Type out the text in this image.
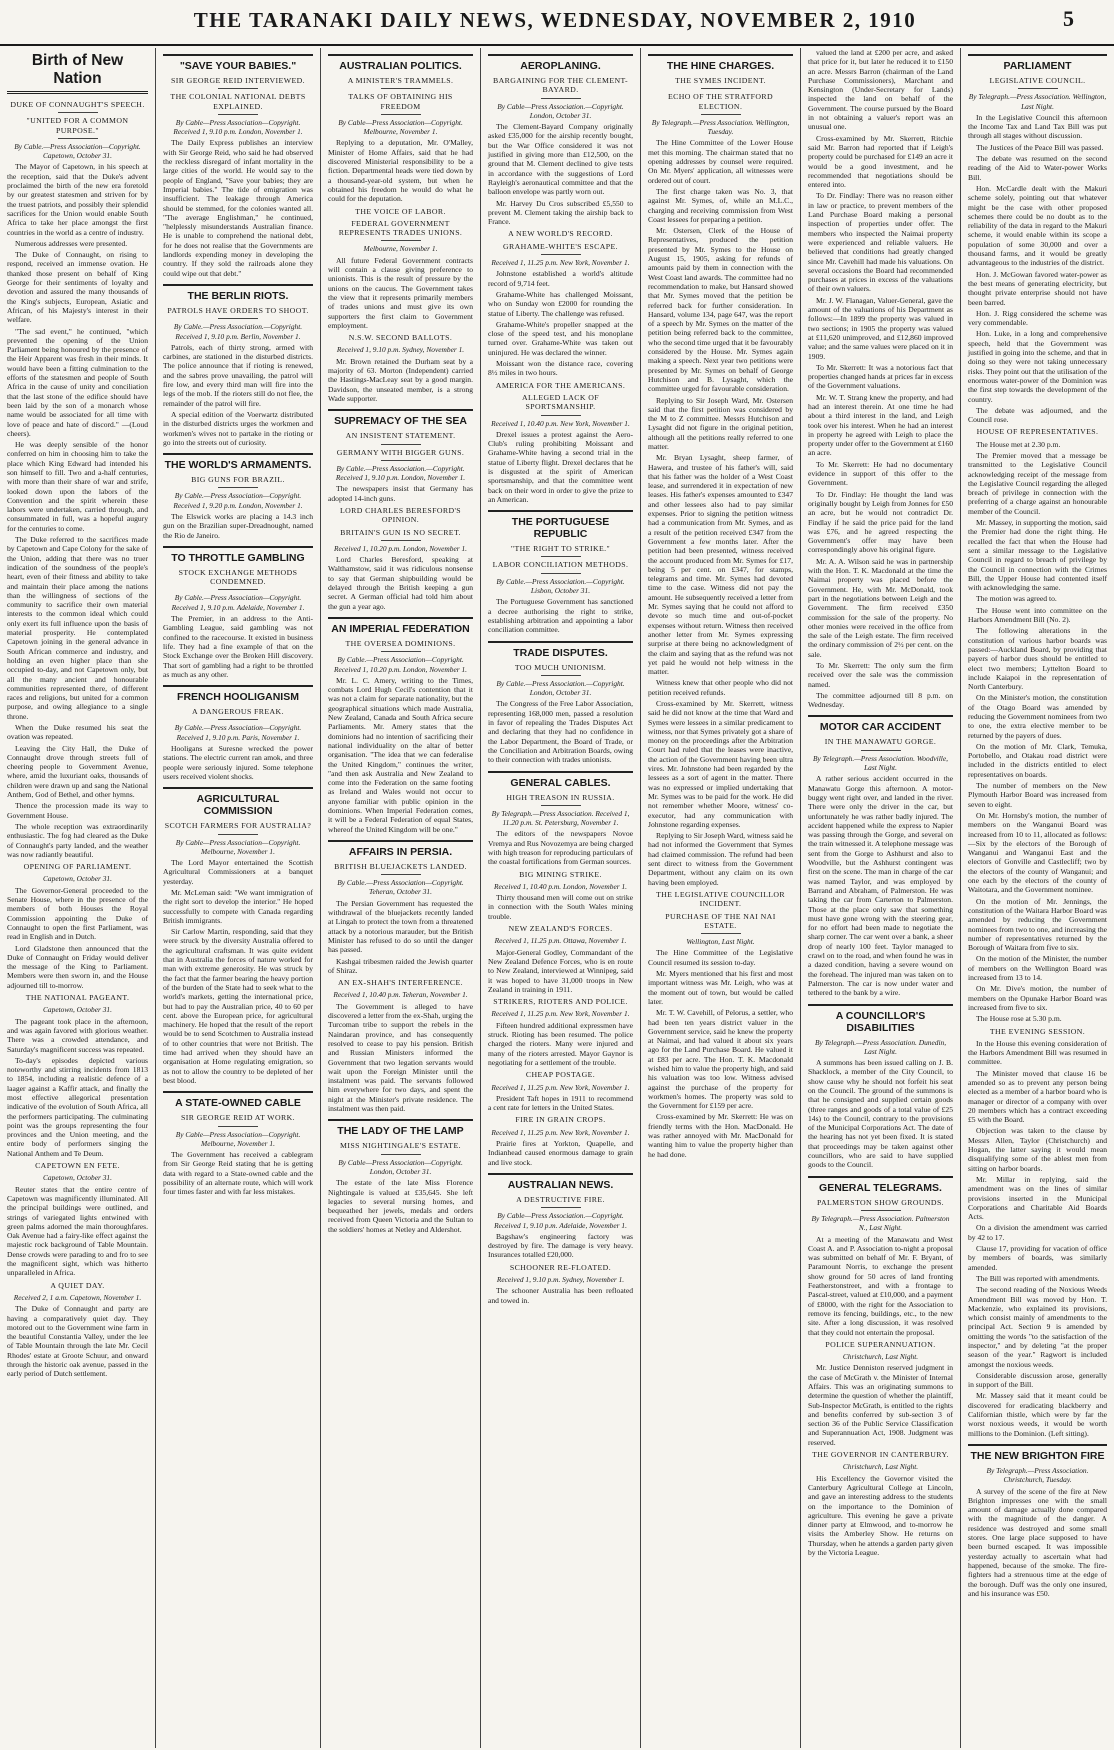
THE TARANAKI DAILY NEWS, WEDNESDAY, NOVEMBER 2, 1910	5
Birth of New Nation
DUKE OF CONNAUGHT'S SPEECH.
"UNITED FOR A COMMON PURPOSE."
By Cable.—Press Association—Copyright. Capetown, October 31.

The Mayor of Capetown, in his speech at the reception, said that the Duke's advent proclaimed the birth of the new era foretold by our greatest statesmen and striven for by the truest patriots, and possibly their splendid sacrifices for the Union would enable South Africa to take her place amongst the first countries in the world as a centre of industry.

Numerous addresses were presented.

The Duke of Connaught, on rising to respond, received an immense ovation. He thanked those present on behalf of King George for their sentiments of loyalty and devotion and assured the many thousands of the King's subjects, European, Asiatic and African, of his Majesty's interest in their welfare.

"The sad event," he continued, "which prevented the opening of the Union Parliament being honoured by the presence of the Heir Apparent was fresh in their minds. It would have been a fitting culmination to the efforts of the statesmen and people of South Africa in the cause of unity and conciliation that the last stone of the edifice should have been laid by the son of a monarch whose name would be associated for all time with love of peace and hate of discord." —(Loud cheers).

He was deeply sensible of the honor conferred on him in choosing him to take the place which King Edward had intended his son himself to fill. Two and a-half centuries, with more than their share of war and strife, looked down upon the labors of the Convention and the spirit wherein these labors were undertaken, carried through, and consummated in full, was a hopeful augury for the centuries to come.

The Duke referred to the sacrifices made by Capetown and Cape Colony for the sake of the Union, adding that there was no truer indication of the soundness of the people's heart, even of their fitness and ability to take and maintain their place among the nations than the willingness of sections of the community to sacrifice their own material interests to the common ideal which could only exert its full influence upon the basis of material prosperity. He contemplated Capetown joining in the general advance in South African commerce and industry, and holding an even higher place than she occupied to-day, and not Capetown only, but all the many ancient and honourable communities represented there, of different races and religions, but united for a common purpose, and owing allegiance to a single throne.

When the Duke resumed his seat the ovation was repeated.

Leaving the City Hall, the Duke of Connaught drove through streets full of cheering people to Government Avenue, where, amid the luxuriant oaks, thousands of children were drawn up and sang the National Anthem, God of Bethel, and other hymns.

Thence the procession made its way to Government House.

The whole reception was extraordinarily enthusiastic. The fog had cleared as the Duke of Connaught's party landed, and the weather was now radiantly beautiful.

OPENING OF PARLIAMENT.
Capetown, October 31.

The Governor-General proceeded to the Senate House, where in the presence of the members of both Houses the Royal Commission appointing the Duke of Connaught to open the first Parliament, was read in English and in Dutch.

Lord Gladstone then announced that the Duke of Connaught on Friday would deliver the message of the King to Parliament. Members were then sworn in, and the House adjourned till to-morrow.

THE NATIONAL PAGEANT.
Capetown, October 31.

The pageant took place in the afternoon, and was again favored with glorious weather. There was a crowded attendance, and Saturday's magnificent success was repeated.

To-day's episodes depicted various noteworthy and stirring incidents from 1813 to 1854, including a realistic defence of a laager against a Kaffir attack, and finally the most effective allegorical presentation indicative of the evolution of South Africa, all the performers participating. The culminating point was the groups representing the four provinces and the Union meeting, and the entire body of performers singing the National Anthem and Te Deum.

CAPETOWN EN FETE.
Capetown, October 31.

Reuter states that the entire centre of Capetown was magnificently illuminated. All the principal buildings were outlined, and strings of variegated lights entwined with green palms adorned the main thoroughfares. Oak Avenue had a fairy-like effect against the majestic rock background of Table Mountain. Dense crowds were parading to and fro to see the magnificent sight, which was hitherto unparalleled in Africa.

A QUIET DAY.
Received 2, 1 a.m. Capetown, November 1.

The Duke of Connaught and party are having a comparatively quiet day. They motored out to the Government wine farm in the beautiful Constantia Valley, under the lee of Table Mountain through the late Mr. Cecil Rhodes' estate at Groote Schuur, and onward through the historic oak avenue, passed in the early period of Dutch settlement.

"SAVE YOUR BABIES."
SIR GEORGE REID INTERVIEWED.
THE COLONIAL NATIONAL DEBTS EXPLAINED.
By Cable—Press Association—Copyright. Received 1, 9.10 p.m. London, November 1.

The Daily Express publishes an interview with Sir George Reid, who said he had observed the reckless disregard of infant mortality in the large cities of the world. He would say to the people of England, "Save your babies; they are Imperial babies." The tide of emigration was insufficient. The leakage through America should be stemmed, for the colonies wanted all. "The average Englishman," he continued, "helplessly misunderstands Australian finance. He is unable to comprehend the national debt, for he does not realise that the Governments are landlords expending money in developing the country. If they sold the railroads alone they could wipe out that debt."

THE BERLIN RIOTS.
PATROLS HAVE ORDERS TO SHOOT.
By Cable.—Press Association.—Copyright. Received 1, 9.10 p.m. Berlin, November 1.

Patrols, each of thirty strong, armed with carbines, are stationed in the disturbed districts. The police announce that if rioting is renewed, and the sabres prove unavailing, the patrol will fire low, and every third man will fire into the legs of the mob. If the rioters still do not flee, the remainder of the patrol will fire.

A special edition of the Voerwartz distributed in the disturbed districts urges the workmen and workmen's wives not to partake in the rioting or go into the streets out of curiosity.

THE WORLD'S ARMAMENTS.
BIG GUNS FOR BRAZIL.
By Cable.—Press Association—Copyright. Received 1, 9.20 p.m. London, November 1.

The Elswick works are placing a 14.3 inch gun on the Brazilian super-Dreadnought, named the Rio de Janeiro.

TO THROTTLE GAMBLING
STOCK EXCHANGE METHODS CONDEMNED.
By Cable.—Press Association—Copyright. Received 1, 9.10 p.m. Adelaide, November 1.

The Premier, in an address to the Anti-Gambling League, said gambling was not confined to the racecourse. It existed in business life. They had a fine example of that on the Stock Exchange over the Broken Hill discovery. That sort of gambling had a right to be throttled as much as any other.

FRENCH HOOLIGANISM
A DANGEROUS FREAK.
By Cable.—Press Association—Copyright. Received 1, 9.10 p.m. Paris, November 1.

Hooligans at Suresne wrecked the power stations. The electric current ran amok, and three people were seriously injured. Some telephone users received violent shocks.

AGRICULTURAL COMMISSION
SCOTCH FARMERS FOR AUSTRALIA?
By Cable—Press Association—Copyright. Melbourne, November 1.

The Lord Mayor entertained the Scottish Agricultural Commissioners at a banquet yesterday.

Mr. McLeman said: "We want immigration of the right sort to develop the interior." He hoped successfully to compete with Canada regarding British immigrants.

Sir Carlow Martin, responding, said that they were struck by the diversity Australia offered to the agricultural craftsman. It was quite evident that in Australia the forces of nature worked for man with extreme generosity. He was struck by the fact that the farmer bearing the heavy portion of the burden of the State had to seek what to the world's markets, getting the international price, but had to pay the Australian price, 40 to 60 per cent. above the European price, for agricultural machinery. He hoped that the result of the report would be to send Scotchmen to Australia instead of to other countries that were not British. The time had arrived when they should have an organisation at Home regulating emigration, so as not to allow the country to be depleted of her best blood.

A STATE-OWNED CABLE
SIR GEORGE REID AT WORK.
By Cable—Press Association—Copyright. Melbourne, November 1.

The Government has received a cablegram from Sir George Reid stating that he is getting data with regard to a State-owned cable and the possibility of an alternate route, which will work four times faster and with far less mistakes.

AUSTRALIAN POLITICS.
A MINISTER'S TRAMMELS.
TALKS OF OBTAINING HIS FREEDOM
By Cable—Press Association—Copyright. Melbourne, November 1.

Replying to a deputation, Mr. O'Malley, Minister of Home Affairs, said that he had discovered Ministerial responsibility to be a fiction. Departmental heads were tied down by a thousand-year-old system, but when he obtained his freedom he would do what he could for the deputation.

THE VOICE OF LABOR.
FEDERAL GOVERNMENT REPRESENTS TRADES UNIONS.
Melbourne, November 1.

All future Federal Government contracts will contain a clause giving preference to unionists. This is the result of pressure by the unions on the caucus. The Government takes the view that it represents primarily members of trades unions and must give its own supporters the first claim to Government employment.

N.S.W. SECOND BALLOTS.
Received 1, 9.10 p.m. Sydney, November 1.

Mr. Brown retained the Durham seat by a majority of 63. Morton (Independent) carried the Hastings-MacLeay seat by a good margin. Davidson, the unseated member, is a strong Wade supporter.

SUPREMACY OF THE SEA
AN INSISTENT STATEMENT.
GERMANY WITH BIGGER GUNS.
By Cable.—Press Association.—Copyright. Received 1, 9.10 p.m. London, November 1.

The newspapers insist that Germany has adopted 14-inch guns.

LORD CHARLES BERESFORD'S OPINION.
BRITAIN'S GUN IS NO SECRET.
Received 1, 10.20 p.m. London, November 1.

Lord Charles Beresford, speaking at Walthamstow, said it was ridiculous nonsense to say that German shipbuilding would be delayed through the British keeping a gun secret. A German official had told him about the gun a year ago.

AN IMPERIAL FEDERATION
THE OVERSEA DOMINIONS.
By Cable.—Press Association—Copyright. Received 1, 10.20 p.m. London, November 1.

Mr. L. C. Amery, writing to the Times, combats Lord Hugh Cecil's contention that it was not a claim for separate nationality, but the geographical situations which made Australia, New Zealand, Canada and South Africa secure Parliaments. Mr. Amery states that the dominions had no intention of sacrificing their national individuality on the altar of better organisation. "The idea that we can federalise the United Kingdom," continues the writer, "and then ask Australia and New Zealand to come into the Federation on the same footing as Ireland and Wales would not occur to anyone familiar with public opinion in the dominions. When Imperial Federation comes, it will be a Federal Federation of equal States, whereof the United Kingdom will be one."

AFFAIRS IN PERSIA.
BRITISH BLUEJACKETS LANDED.
By Cable.—Press Association—Copyright. Teheran, October 31.

The Persian Government has requested the withdrawal of the bluejackets recently landed at Lingah to protect the town from a threatened attack by a notorious marauder, but the British Minister has refused to do so until the danger has passed.

Kashgai tribesmen raided the Jewish quarter of Shiraz.

AN EX-SHAH'S INTERFERENCE.
Received 1, 10.40 p.m. Teheran, November 1.

The Government is alleged to have discovered a letter from the ex-Shah, urging the Turcoman tribe to support the rebels in the Naindaran province, and has consequently resolved to cease to pay his pension. British and Russian Ministers informed the Government that two legation servants would wait upon the Foreign Minister until the instalment was paid. The servants followed him everywhere for two days, and spent the night at the Minister's private residence. The instalment was then paid.

THE LADY OF THE LAMP
MISS NIGHTINGALE'S ESTATE.
By Cable—Press Association—Copyright. London, October 31.

The estate of the late Miss Florence Nightingale is valued at £35,645. She left legacies to several nursing homes, and bequeathed her jewels, medals and orders received from Queen Victoria and the Sultan to the soldiers' homes at Netley and Aldershot.

AEROPLANING.
BARGAINING FOR THE CLEMENT-BAYARD.
By Cable—Press Association.—Copyright. London, October 31.

The Clement-Bayard Company originally asked £35,000 for the airship recently bought, but the War Office considered it was not justified in giving more than £12,500, on the ground that M. Clement declined to give tests in accordance with the suggestions of Lord Rayleigh's aeronautical committee and that the balloon envelope was partly worn out.

Mr. Harvey Du Cros subscribed £5,550 to prevent M. Clement taking the airship back to France.

A NEW WORLD'S RECORD.
GRAHAME-WHITE'S ESCAPE.
Received 1, 11.25 p.m. New York, November 1.

Johnstone established a world's altitude record of 9,714 feet.

Grahame-White has challenged Moissant, who on Sunday won £2000 for rounding the statue of Liberty. The challenge was refused.

Grahame-White's propeller snapped at the close of the speed test, and his monoplane turned over. Grahame-White was taken out uninjured. He was declared the winner.

Moissant won the distance race, covering 8½ miles in two hours.

AMERICA FOR THE AMERICANS.
ALLEGED LACK OF SPORTSMANSHIP.
Received 1, 10.40 p.m. New York, November 1.

Drexel issues a protest against the Aero-Club's ruling prohibiting Moissant and Grahame-White having a second trial in the statue of Liberty flight. Drexel declares that he is disgusted at the spirit of American sportsmanship, and that the committee went back on their word in order to give the prize to an American.

THE PORTUGUESE REPUBLIC
"THE RIGHT TO STRIKE."
LABOR CONCILIATION METHODS.
By Cable.—Press Association.—Copyright. Lisbon, October 31.

The Portuguese Government has sanctioned a decree authorising the right to strike, establishing arbitration and appointing a labor conciliation committee.

TRADE DISPUTES.
TOO MUCH UNIONISM.
By Cable.—Press Association.—Copyright. London, October 31.

The Congress of the Free Labor Association, representing 168,000 men, passed a resolution in favor of repealing the Trades Disputes Act and declaring that they had no confidence in the Labor Department, the Board of Trade, or the Conciliation and Arbitration Boards, owing to their connection with trades unionists.

GENERAL CABLES.
HIGH TREASON IN RUSSIA.
By Telegraph.—Press Association. Received 1, 11.20 p.m. St. Petersburg, November 1.

The editors of the newspapers Novoe Vremya and Rus Novozemya are being charged with high treason for reproducing particulars of the coastal fortifications from German sources.

BIG MINING STRIKE.
Received 1, 10.40 p.m. London, November 1.

Thirty thousand men will come out on strike in connection with the South Wales mining trouble.

NEW ZEALAND'S FORCES.
Received 1, 11.25 p.m. Ottawa, November 1.

Major-General Godley, Commandant of the New Zealand Defence Forces, who is en route to New Zealand, interviewed at Winnipeg, said it was hoped to have 31,000 troops in New Zealand in training in 1911.

STRIKERS, RIOTERS AND POLICE.
Received 1, 11.25 p.m. New York, November 1.

Fifteen hundred additional expressmen have struck. Rioting has been resumed. The police charged the rioters. Many were injured and many of the rioters arrested. Mayor Gaynor is negotiating for a settlement of the trouble.

CHEAP POSTAGE.
Received 1, 11.25 p.m. New York, November 1.

President Taft hopes in 1911 to recommend a cent rate for letters in the United States.

FIRE IN GRAIN CROPS.
Received 1, 11.25 p.m. New York, November 1.

Prairie fires at Yorkton, Quapelle, and Indianhead caused enormous damage to grain and live stock.

AUSTRALIAN NEWS.
A DESTRUCTIVE FIRE.
By Cable—Press Association.—Copyright. Received 1, 9.10 p.m. Adelaide, November 1.

Bagshaw's engineering factory was destroyed by fire. The damage is very heavy. Insurances totalled £20,000.

SCHOONER RE-FLOATED.
Received 1, 9.10 p.m. Sydney, November 1.

The schooner Australia has been refloated and towed in.

THE HINE CHARGES.
THE SYMES INCIDENT.
ECHO OF THE STRATFORD ELECTION.
By Telegraph.—Press Association. Wellington, Tuesday.

The Hine Committee of the Lower House met this morning. The chairman stated that no opening addresses by counsel were required. On Mr. Myers' application, all witnesses were ordered out of court.

The first charge taken was No. 3, that against Mr. Symes, of, while an M.L.C., charging and receiving commission from West Coast lessees for preparing a petition.

Mr. Ostersen, Clerk of the House of Representatives, produced the petition presented by Mr. Symes to the House on August 15, 1905, asking for refunds of amounts paid by them in connection with the West Coast land awards. The committee had no recommendation to make, but Hansard showed that Mr. Symes moved that the petition be referred back for further consideration. In Hansard, volume 134, page 647, was the report of a speech by Mr. Symes on the matter of the petition being referred back to the committee, who the second time urged that it be favourably considered by the House. Mr. Symes again making a speech. Next year two petitions were presented by Mr. Symes on behalf of George Hutchison and B. Lysaght, which the committee urged for favourable consideration.

Replying to Sir Joseph Ward, Mr. Ostersen said that the first petition was considered by the M to Z committee. Messrs Hutchison and Lysaght did not figure in the original petition, although all the petitions really referred to one matter.

Mr. Bryan Lysaght, sheep farmer, of Hawera, and trustee of his father's will, said that his father was the holder of a West Coast lease, and surrendered it in expectation of new leases. His father's expenses amounted to £347 and other lessees also had to pay similar expenses. Prior to signing the petition witness had a communication from Mr. Symes, and as a result of the petition received £347 from the Government a few months later. After the petition had been presented, witness received the account produced from Mr. Symes for £17, being 5 per cent. on £347, for stamps, telegrams and time. Mr. Symes had devoted time to the case. Witness did not pay the amount. He subsequently received a letter from Mr. Symes saying that he could not afford to devote so much time and out-of-pocket expenses without return. Witness then received another letter from Mr. Symes expressing surprise at there being no acknowledgment of the claim and saying that as the refund was not yet paid he would not help witness in the matter.

Witness knew that other people who did not petition received refunds.

Cross-examined by Mr. Skerrett, witness said he did not know at the time that Ward and Symes were lessees in a similar predicament to witness, nor that Symes privately got a share of money on the proceedings after the Arbitration Court had ruled that the leases were inactive, the action of the Government having been ultra vires. Mr. Johnstone had been regarded by the lessees as a sort of agent in the matter. There was no expressed or implied undertaking that Mr. Symes was to be paid for the work. He did not remember whether Moore, witness' co-executor, had any communication with Johnstone regarding expenses.

Replying to Sir Joseph Ward, witness said he had not informed the Government that Symes had claimed commission. The refund had been sent direct to witness from the Government Department, without any claim on its own having been employed.

THE LEGISLATIVE COUNCILLOR INCIDENT.
PURCHASE OF THE NAI NAI ESTATE.
Wellington, Last Night.

The Hine Committee of the Legislative Council resumed its session to-day.

Mr. Myers mentioned that his first and most important witness was Mr. Leigh, who was at the moment out of town, but would be called later.

Mr. T. W. Cavehill, of Pelorus, a settler, who had been ten years district valuer in the Government service, said he knew the property at Naimai, and had valued it about six years ago for the Land Purchase Board. He valued it at £83 per acre. The Hon. T. K. Macdonald wished him to value the property high, and said his valuation was too low. Witness advised against the purchase of the property for workmen's homes. The property was sold to the Government for £159 per acre.

Cross-examined by Mr. Skerrett: He was on friendly terms with the Hon. MacDonald. He was rather annoyed with Mr. MacDonald for wanting him to value the property higher than he had done.

valued the land at £200 per acre, and asked that price for it, but later he reduced it to £150 an acre. Messrs Barron (chairman of the Land Purchase Commissioners), Marchant and Kensington (Under-Secretary for Lands) inspected the land on behalf of the Government. The course pursued by the Board in not obtaining a valuer's report was an unusual one.

Cross-examined by Mr. Skerrett, Ritchie said Mr. Barron had reported that if Leigh's property could be purchased for £149 an acre it would be a good investment, and he recommended that negotiations should be entered into.

To Dr. Findlay: There was no reason either in law or practice, to prevent members of the Land Purchase Board making a personal inspection of properties under offer. The members who inspected the Naimai property were experienced and reliable valuers. He believed that conditions had greatly changed since Mr. Cavehill had made his valuations. On several occasions the Board had recommended purchases at prices in excess of the valuations of their own valuers.

Mr. J. W. Flanagan, Valuer-General, gave the amount of the valuations of his Department as follows:—In 1899 the property was valued in two sections; in 1905 the property was valued at £11,620 unimproved, and £12,860 improved value; and the same values were placed on it in 1909.

To Mr. Skerrett: It was a notorious fact that properties changed hands at prices far in excess of the Government valuations.

Mr. W. T. Strang knew the property, and had had an interest therein. At one time he had about a third interest in the land, and Leigh took over his interest. When he had an interest in property he agreed with Leigh to place the property under offer to the Government at £160 an acre.

To Mr. Skerrett: He had no documentary evidence in support of this offer to the Government.

To Dr. Findlay: He thought the land was originally bought by Leigh from Jonnes for £50 an acre, but he would not contradict Dr. Findlay if he said the price paid for the land was £76, and he agreed respecting the Government's offer may have been correspondingly above his original figure.

Mr. A. A. Wilson said he was in partnership with the Hon. T. K. Macdonald at the time the Naimai property was placed before the Government. He, with Mr. McDonald, took part in the negotiations between Leigh and the Government. The firm received £350 commission for the sale of the property. No other monies were received in the office from the sale of the Leigh estate. The firm received the ordinary commission of 2½ per cent. on the sale.

To Mr. Skerrett: The only sum the firm received over the sale was the commission named.

The committee adjourned till 8 p.m. on Wednesday.

MOTOR CAR ACCIDENT
IN THE MANAWATU GORGE.
By Telegraph.—Press Association. Woodville, Last Night.

A rather serious accident occurred in the Manawatu Gorge this afternoon. A motor-buggy went right over, and landed in the river. There were only the driver in the car, but unfortunately he was rather badly injured. The accident happened while the express to Napier was passing through the Gorge, and several on the train witnessed it. A telephone message was sent from the Gorge to Ashhurst and also to Woodville, but the Ashhurst contingent was first on the scene. The man in charge of the car was named Taylor, and was employed by Barrand and Abraham, of Palmerston. He was taking the car from Carterton to Palmerston. Those at the place only saw that something must have gone wrong with the steering gear, for no effort had been made to negotiate the sharp corner. The car went over a bank, a sheer drop of nearly 100 feet. Taylor managed to crawl on to the road, and when found he was in a dazed condition, having a severe wound on the forehead. The injured man was taken on to Palmerston. The car is now under water and tethered to the bank by a wire.

A COUNCILLOR'S DISABILITIES
By Telegraph.—Press Association. Dunedin, Last Night.

A summons has been issued calling on J. B. Shacklock, a member of the City Council, to show cause why he should not forfeit his seat on the Council. The ground of the summons is that he consigned and supplied certain goods (three ranges and goods of a total value of £25 14s) to the Council, contrary to the provisions of the Municipal Corporations Act. The date of the hearing has not yet been fixed. It is stated that proceedings may be taken against other councillors, who are said to have supplied goods to the Council.

GENERAL TELEGRAMS.
PALMERSTON SHOW GROUNDS.
By Telegraph.—Press Association. Palmerston N., Last Night.

At a meeting of the Manawatu and West Coast A. and P. Association to-night a proposal was submitted on behalf of Mr. F. Bryant, of Paramount Norris, to exchange the present show ground for 50 acres of land fronting Featherstonstreet, and with a frontage to Pascal-street, valued at £10,000, and a payment of £8000, with the right for the Association to remove its fencing, buildings, etc., to the new site. After a long discussion, it was resolved that they could not entertain the proposal.

POLICE SUPERANNUATION.
Christchurch, Last Night.

Mr. Justice Denniston reserved judgment in the case of McGrath v. the Minister of Internal Affairs. This was an originating summons to determine the question of whether the plaintiff, Sub-Inspector McGrath, is entitled to the rights and benefits conferred by sub-section 3 of section 36 of the Public Service Classification and Superannuation Act, 1908. Judgment was reserved.

THE GOVERNOR IN CANTERBURY.
Christchurch, Last Night.

His Excellency the Governor visited the Canterbury Agricultural College at Lincoln, and gave an interesting address to the students on the importance to the Dominion of agriculture. This evening he gave a private dinner party at Elmwood, and to-morrow he visits the Amberley Show. He returns on Thursday, when he attends a garden party given by the Victoria League.

PARLIAMENT
LEGISLATIVE COUNCIL.
By Telegraph.—Press Association. Wellington, Last Night.

In the Legislative Council this afternoon the Income Tax and Land Tax Bill was put through all stages without discussion.

The Justices of the Peace Bill was passed.

The debate was resumed on the second reading of the Aid to Water-power Works Bill.

Hon. McCardle dealt with the Makuri scheme solely, pointing out that whatever might be the case with other proposed schemes there could be no doubt as to the reliability of the data in regard to the Makuri scheme, it would enable within its scope a population of some 30,000 and over a thousand farms, and it would be greatly advantageous to the industries of the district.

Hon. J. McGowan favored water-power as the best means of generating electricity, but thought private enterprise should not have been barred.

Hon. J. Rigg considered the scheme was very commendable.

Hon. Luke, in a long and comprehensive speech, held that the Government was justified in going into the scheme, and that in doing so they were not taking unnecessary risks. They point out that the utilisation of the enormous water-power of the Dominion was the first step towards the development of the country.

The debate was adjourned, and the Council rose.

HOUSE OF REPRESENTATIVES.

The House met at 2.30 p.m.

The Premier moved that a message be transmitted to the Legislative Council acknowledging receipt of the message from the Legislative Council regarding the alleged breach of privilege in connection with the preferring of a charge against an honourable member of the Council.

Mr. Massey, in supporting the motion, said the Premier had done the right thing. He recalled the fact that when the House had sent a similar message to the Legislative Council in regard to breach of privilege by the Council in connection with the Crimes Bill, the Upper House had contented itself with acknowledging the same.

The motion was agreed to.

The House went into committee on the Harbors Amendment Bill (No. 2).

The following alterations in the constitution of various harbor boards was passed:—Auckland Board, by providing that payers of harbor dues should be entitled to elect two members; Lyttelton Board to include Kaiapoi in the representation of North Canterbury.

On the Minister's motion, the constitution of the Otago Board was amended by reducing the Government nominees from two to one, the extra elective member to be returned by the payers of dues.

On the motion of Mr. Clark, Temuka, Portobello, and Otakau road district were included in the districts entitled to elect representatives on boards.

The number of members on the New Plymouth Harbor Board was increased from seven to eight.

On Mr. Hornsby's motion, the number of members on the Wanganui Board was increased from 10 to 11, allocated as follows:—Six by the electors of the Borough of Wanganui and Wanganui East and the electors of Gonville and Castlecliff; two by the electors of the county of Wanganui; and one each by the electors of the county of Waitotara, and the Government nominee.

On the motion of Mr. Jennings, the constitution of the Waitara Harbor Board was amended by reducing the Government nominees from two to one, and increasing the number of representatives returned by the Borough of Waitara from five to six.

On the motion of the Minister, the number of members on the Wellington Board was increased from 13 to 14.

On Mr. Dive's motion, the number of members on the Opunake Harbor Board was increased from five to six.

The House rose at 5.30 p.m.

THE EVENING SESSION.

In the House this evening consideration of the Harbors Amendment Bill was resumed in committee.

The Minister moved that clause 16 be amended so as to prevent any person being elected as a member of a harbor board who is manager or director of a company with over 20 members which has a contract exceeding £5 with the Board.

Objection was taken to the clause by Messrs Allen, Taylor (Christchurch) and Hogan, the latter saying it would mean disqualifying some of the ablest men from sitting on harbor boards.

Mr. Millar in replying, said the amendment was on the lines of similar provisions inserted in the Municipal Corporations and Charitable Aid Boards Acts.

On a division the amendment was carried by 42 to 17.

Clause 17, providing for vacation of office by members of boards, was similarly amended.

The Bill was reported with amendments.

The second reading of the Noxious Weeds Amendment Bill was moved by Hon. T. Mackenzie, who explained its provisions, which consist mainly of amendments to the principal Act. Section 9 is amended by omitting the words "to the satisfaction of the inspector," and by deleting "at the proper season of the year." Ragwort is included amongst the noxious weeds.

Considerable discussion arose, generally in support of the Bill.

Mr. Massey said that it meant could be discovered for eradicating blackberry and Californian thistle, which were by far the worst noxious weeds, it would be worth millions to the Dominion. (Left sitting).

THE NEW BRIGHTON FIRE
By Telegraph.—Press Association. Christchurch, Tuesday.

A survey of the scene of the fire at New Brighton impresses one with the small amount of damage actually done compared with the magnitude of the danger. A residence was destroyed and some small stores. One large place supposed to have been burned escaped. It was impossible yesterday actually to ascertain what had happened, because of the smoke. The fire-fighters had a strenuous time at the edge of the borough. Duff was the only one insured, and his insurance was £50.
